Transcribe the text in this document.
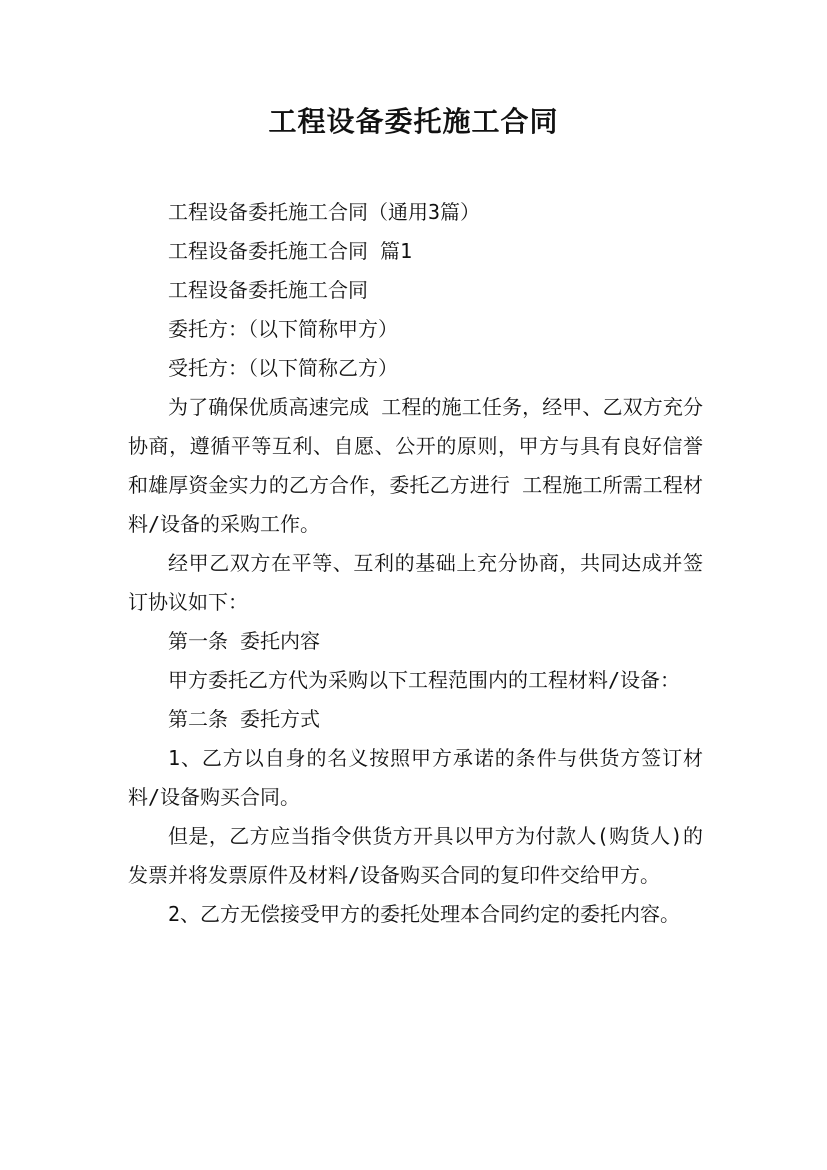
工程设备委托施工合同

工程设备委托施工合同（通用3篇）

工程设备委托施工合同 篇1

工程设备委托施工合同

委托方：（以下简称甲方）

受托方：（以下简称乙方）

为了确保优质高速完成 工程的施工任务，经甲、乙双方充分协商，遵循平等互利、自愿、公开的原则，甲方与具有良好信誉和雄厚资金实力的乙方合作，委托乙方进行 工程施工所需工程材料/设备的采购工作。

经甲乙双方在平等、互利的基础上充分协商，共同达成并签订协议如下：

第一条 委托内容

甲方委托乙方代为采购以下工程范围内的工程材料/设备：

第二条 委托方式

1、乙方以自身的名义按照甲方承诺的条件与供货方签订材料/设备购买合同。

但是，乙方应当指令供货方开具以甲方为付款人(购货人)的发票并将发票原件及材料/设备购买合同的复印件交给甲方。

2、乙方无偿接受甲方的委托处理本合同约定的委托内容。
